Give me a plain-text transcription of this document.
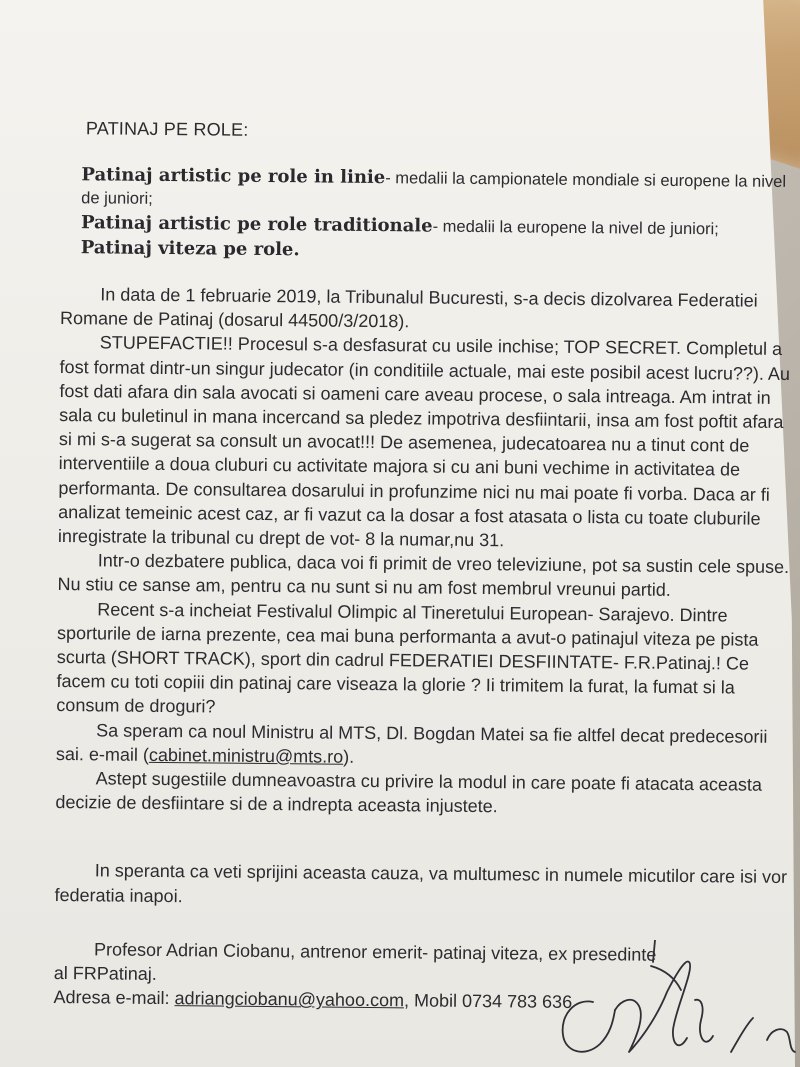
PATINAJ PE ROLE:
Patinaj artistic pe role in linie- medalii la campionatele mondiale si europene la nivel de juniori;
Patinaj artistic pe role traditionale- medalii la europene la nivel de juniori;
Patinaj viteza pe role.

In data de 1 februarie 2019, la Tribunalul Bucuresti, s-a decis dizolvarea Federatiei Romane de Patinaj (dosarul 44500/3/2018).

STUPEFACTIE!! Procesul s-a desfasurat cu usile inchise; TOP SECRET. Completul a fost format dintr-un singur judecator (in conditiile actuale, mai este posibil acest lucru??). Au fost dati afara din sala avocati si oameni care aveau procese, o sala intreaga. Am intrat in sala cu buletinul in mana incercand sa pledez impotriva desfiintarii, insa am fost poftit afara si mi s-a sugerat sa consult un avocat!!! De asemenea, judecatoarea nu a tinut cont de interventiile a doua cluburi cu activitate majora si cu ani buni vechime in activitatea de performanta. De consultarea dosarului in profunzime nici nu mai poate fi vorba. Daca ar fi analizat temeinic acest caz, ar fi vazut ca la dosar a fost atasata o lista cu toate cluburile inregistrate la tribunal cu drept de vot- 8 la numar,nu 31.

Intr-o dezbatere publica, daca voi fi primit de vreo televiziune, pot sa sustin cele spuse. Nu stiu ce sanse am, pentru ca nu sunt si nu am fost membrul vreunui partid.

Recent s-a incheiat Festivalul Olimpic al Tineretului European- Sarajevo. Dintre sporturile de iarna prezente, cea mai buna performanta a avut-o patinajul viteza pe pista scurta (SHORT TRACK), sport din cadrul FEDERATIEI DESFIINTATE- F.R.Patinaj.! Ce facem cu toti copiii din patinaj care viseaza la glorie ? Ii trimitem la furat, la fumat si la consum de droguri?

Sa speram ca noul Ministru al MTS, Dl. Bogdan Matei sa fie altfel decat predecesorii sai. e-mail (cabinet.ministru@mts.ro).

Astept sugestiile dumneavoastra cu privire la modul in care poate fi atacata aceasta decizie de desfiintare si de a indrepta aceasta injustete.

In speranta ca veti sprijini aceasta cauza, va multumesc in numele micutilor care isi vor federatia inapoi.

Profesor Adrian Ciobanu, antrenor emerit- patinaj viteza, ex presedinte

al FRPatinaj.

Adresa e-mail: adriangciobanu@yahoo.com, Mobil 0734 783 636
